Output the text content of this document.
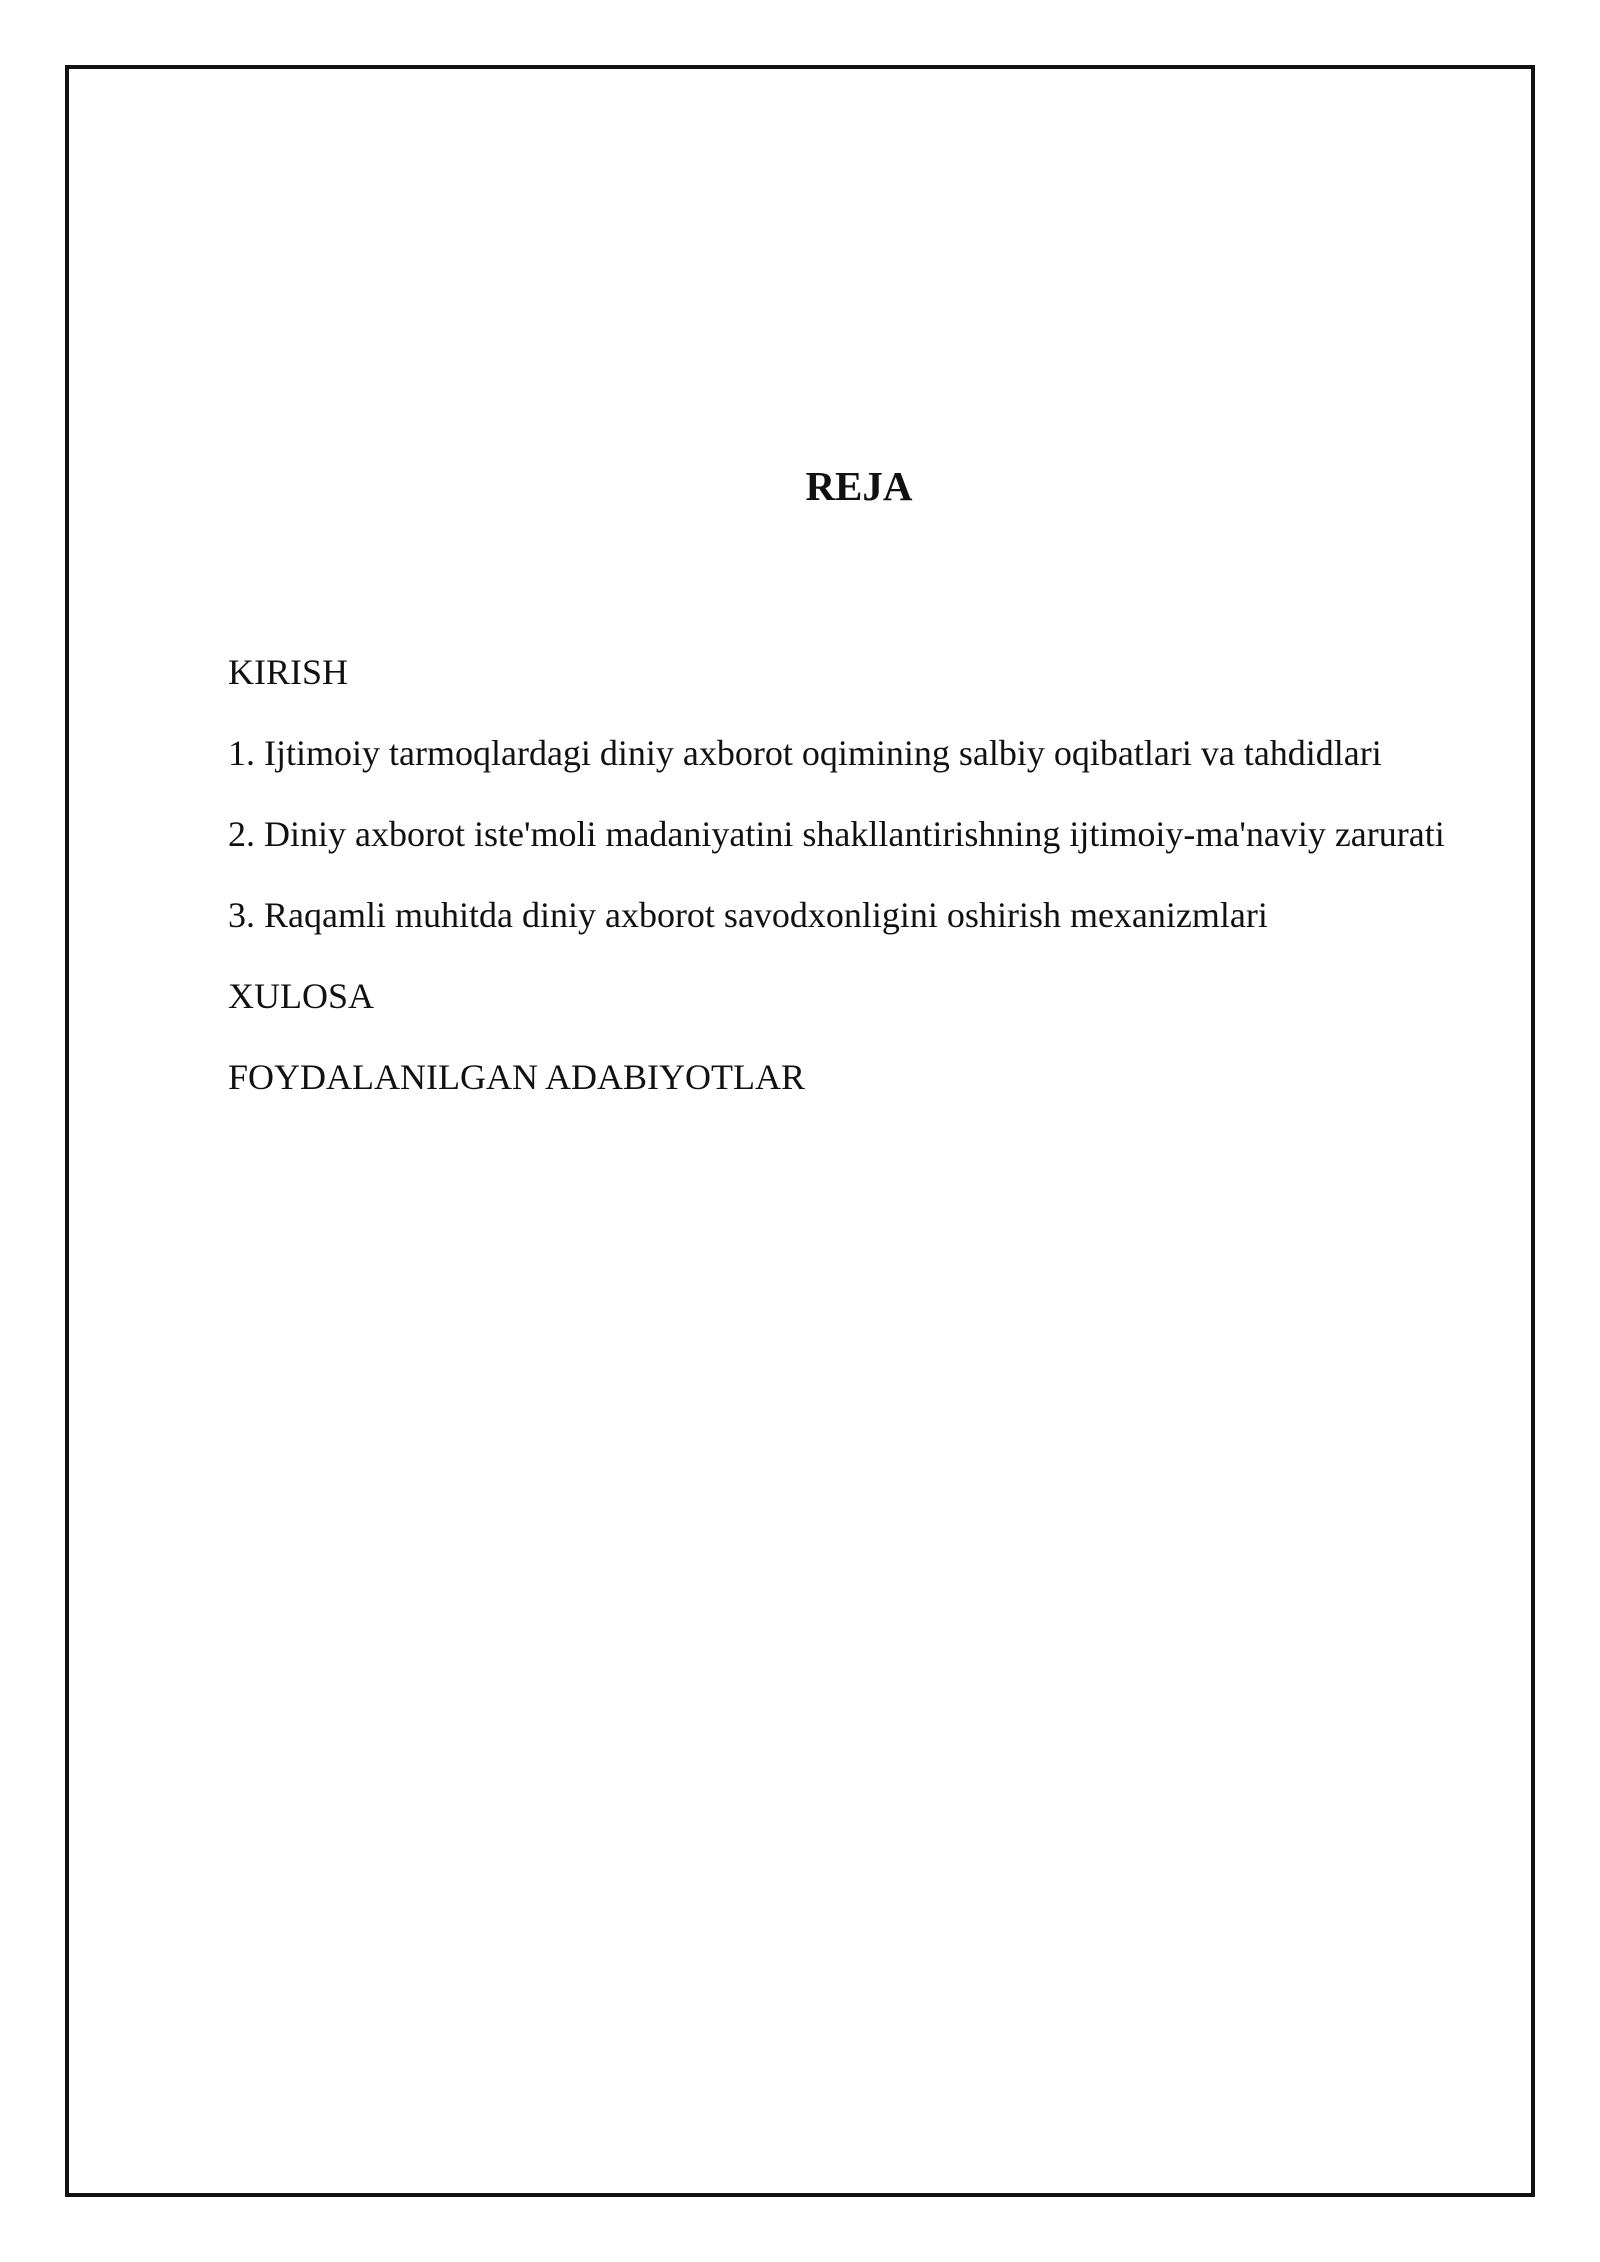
REJA
KIRISH
1. Ijtimoiy tarmoqlardagi diniy axborot oqimining salbiy oqibatlari va tahdidlari
2. Diniy axborot iste'moli madaniyatini shakllantirishning ijtimoiy-ma'naviy zarurati
3. Raqamli muhitda diniy axborot savodxonligini oshirish mexanizmlari
XULOSA
FOYDALANILGAN ADABIYOTLAR
